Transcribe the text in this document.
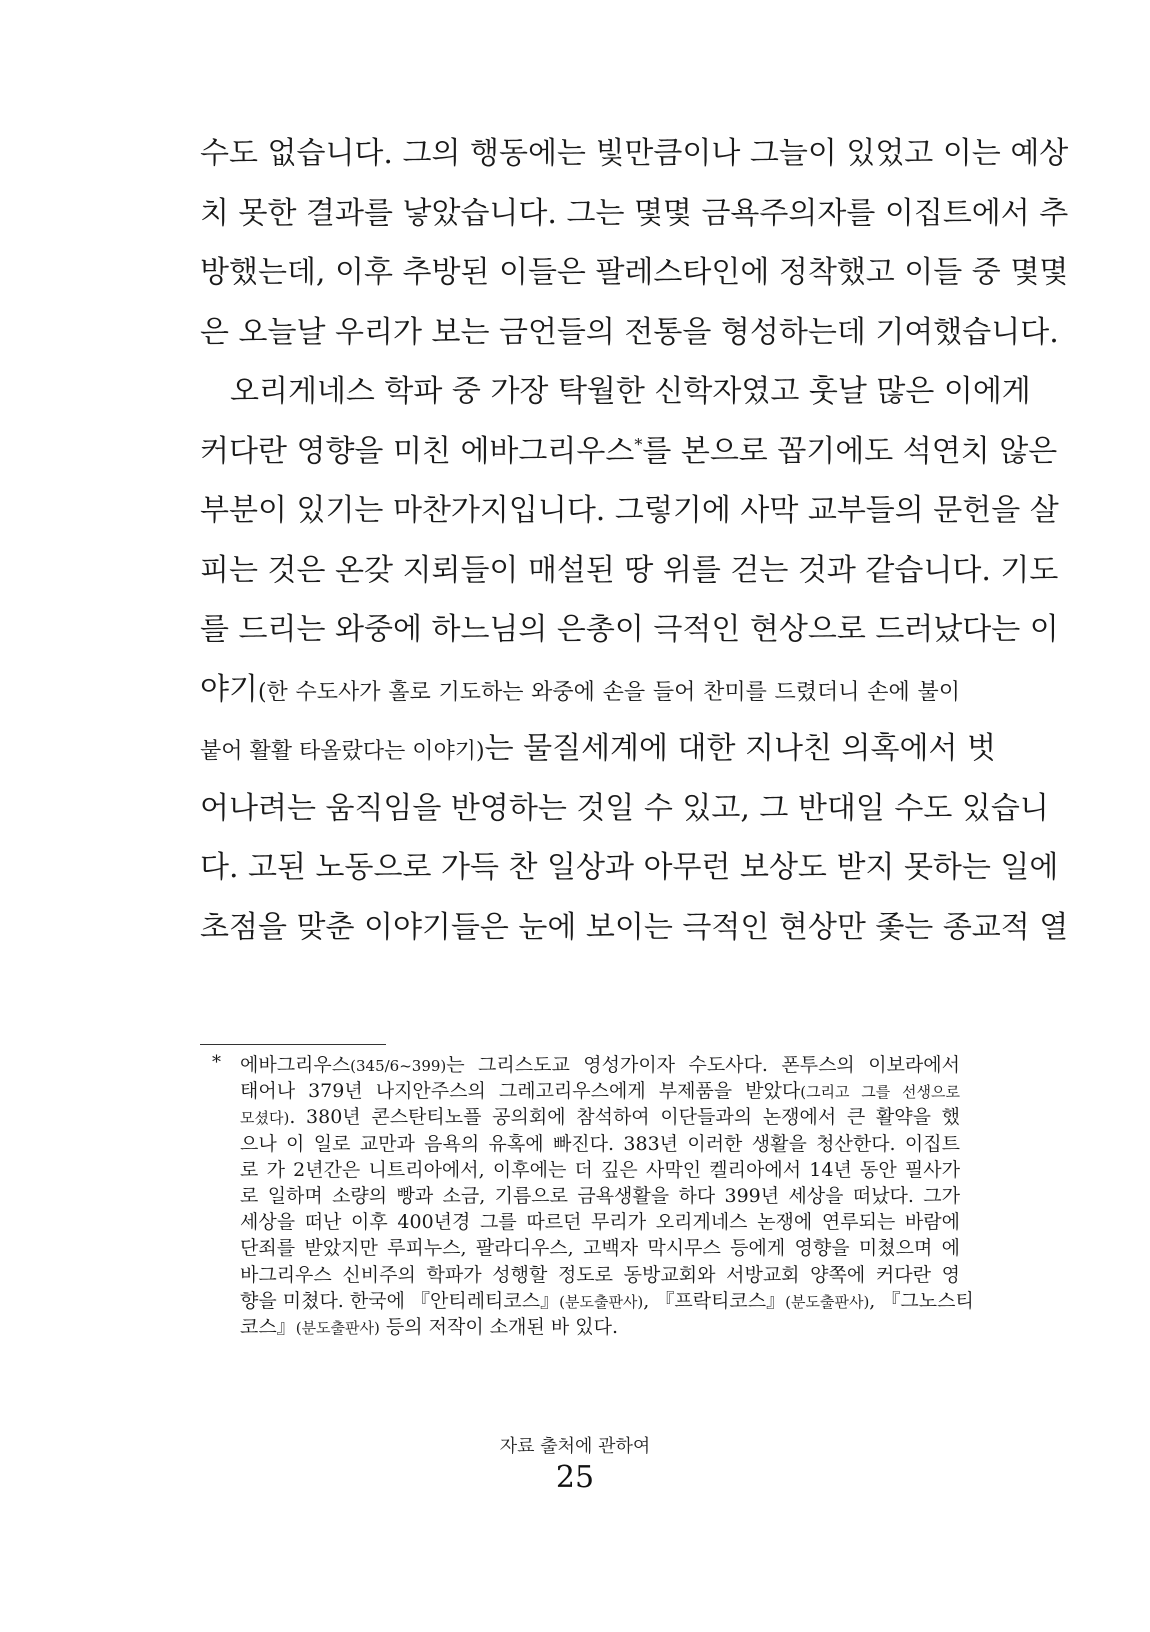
수도 없습니다. 그의 행동에는 빛만큼이나 그늘이 있었고 이는 예상
치 못한 결과를 낳았습니다. 그는 몇몇 금욕주의자를 이집트에서 추
방했는데, 이후 추방된 이들은 팔레스타인에 정착했고 이들 중 몇몇
은 오늘날 우리가 보는 금언들의 전통을 형성하는데 기여했습니다.
오리게네스 학파 중 가장 탁월한 신학자였고 훗날 많은 이에게
커다란 영향을 미친 에바그리우스*를 본으로 꼽기에도 석연치 않은
부분이 있기는 마찬가지입니다. 그렇기에 사막 교부들의 문헌을 살
피는 것은 온갖 지뢰들이 매설된 땅 위를 걷는 것과 같습니다. 기도
를 드리는 와중에 하느님의 은총이 극적인 현상으로 드러났다는 이
야기(한 수도사가 홀로 기도하는 와중에 손을 들어 찬미를 드렸더니 손에 불이
붙어 활활 타올랐다는 이야기)는 물질세계에 대한 지나친 의혹에서 벗
어나려는 움직임을 반영하는 것일 수 있고, 그 반대일 수도 있습니
다. 고된 노동으로 가득 찬 일상과 아무런 보상도 받지 못하는 일에
초점을 맞춘 이야기들은 눈에 보이는 극적인 현상만 좇는 종교적 열
* 에바그리우스(345/6~399)는 그리스도교 영성가이자 수도사다. 폰투스의 이보라에서
태어나 379년 나지안주스의 그레고리우스에게 부제품을 받았다(그리고 그를 선생으로
모셨다). 380년 콘스탄티노플 공의회에 참석하여 이단들과의 논쟁에서 큰 활약을 했
으나 이 일로 교만과 음욕의 유혹에 빠진다. 383년 이러한 생활을 청산한다. 이집트
로 가 2년간은 니트리아에서, 이후에는 더 깊은 사막인 켈리아에서 14년 동안 필사가
로 일하며 소량의 빵과 소금, 기름으로 금욕생활을 하다 399년 세상을 떠났다. 그가
세상을 떠난 이후 400년경 그를 따르던 무리가 오리게네스 논쟁에 연루되는 바람에
단죄를 받았지만 루피누스, 팔라디우스, 고백자 막시무스 등에게 영향을 미쳤으며 에
바그리우스 신비주의 학파가 성행할 정도로 동방교회와 서방교회 양쪽에 커다란 영
향을 미쳤다. 한국에 『안티레티코스』(분도출판사), 『프락티코스』(분도출판사), 『그노스티
코스』(분도출판사) 등의 저작이 소개된 바 있다.
자료 출처에 관하여
25
